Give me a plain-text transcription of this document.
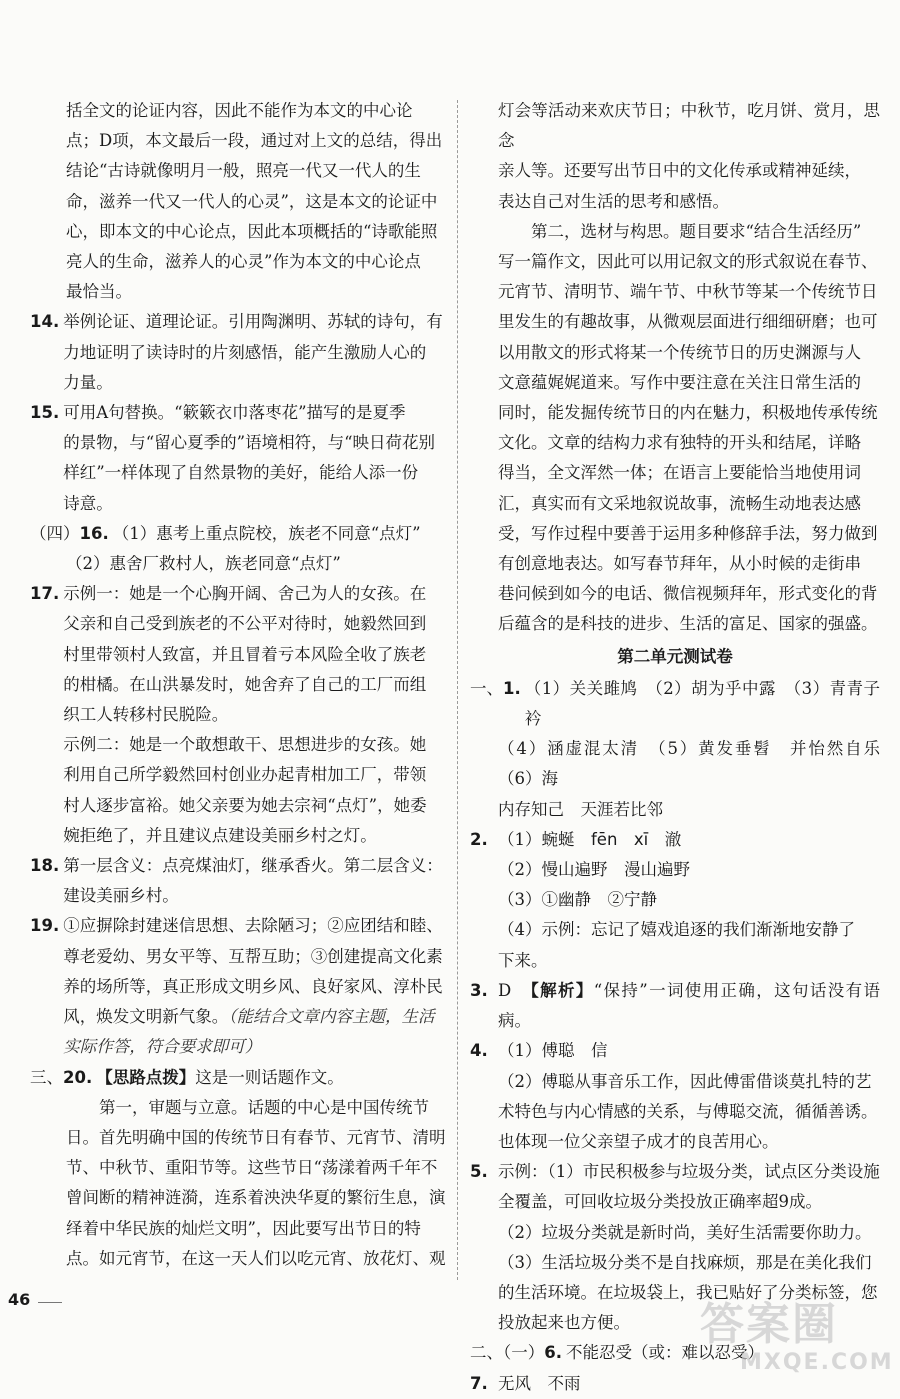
括全文的论证内容，因此不能作为本文的中心论

点；D项，本文最后一段，通过对上文的总结，得出

结论“古诗就像明月一般，照亮一代又一代人的生

命，滋养一代又一代人的心灵”，这是本文的论证中

心，即本文的中心论点，因此本项概括的“诗歌能照

亮人的生命，滋养人的心灵”作为本文的中心论点

最恰当。

14. 举例论证、道理论证。引用陶渊明、苏轼的诗句，有

力地证明了读诗时的片刻感悟，能产生激励人心的

力量。

15. 可用A句替换。“簌簌衣巾落枣花”描写的是夏季

的景物，与“留心夏季的”语境相符，与“映日荷花别

样红”一样体现了自然景物的美好，能给人添一份

诗意。

（四） 16. （1）惠考上重点院校，族老不同意“点灯”

（2）惠舍厂救村人，族老同意“点灯”

17. 示例一：她是一个心胸开阔、舍己为人的女孩。在

父亲和自己受到族老的不公平对待时，她毅然回到

村里带领村人致富，并且冒着亏本风险全收了族老

的柑橘。在山洪暴发时，她舍弃了自己的工厂而组

织工人转移村民脱险。

示例二：她是一个敢想敢干、思想进步的女孩。她

利用自己所学毅然回村创业办起青柑加工厂，带领

村人逐步富裕。她父亲要为她去宗祠“点灯”，她委

婉拒绝了，并且建议点建设美丽乡村之灯。

18. 第一层含义：点亮煤油灯，继承香火。第二层含义：

建设美丽乡村。

19. ①应摒除封建迷信思想、去除陋习；②应团结和睦、

尊老爱幼、男女平等、互帮互助；③创建提高文化素

养的场所等，真正形成文明乡风、良好家风、淳朴民

风，焕发文明新气象。（能结合文章内容主题，生活

实际作答，符合要求即可）

三、 20. 【思路点拨】这是一则话题作文。

第一，审题与立意。话题的中心是中国传统节

日。首先明确中国的传统节日有春节、元宵节、清明

节、中秋节、重阳节等。这些节日“荡漾着两千年不

曾间断的精神涟漪，连系着泱泱华夏的繁衍生息，演

绎着中华民族的灿烂文明”，因此要写出节日的特

点。如元宵节，在这一天人们以吃元宵、放花灯、观

灯会等活动来欢庆节日；中秋节，吃月饼、赏月，思念

亲人等。还要写出节日中的文化传承或精神延续，

表达自己对生活的思考和感悟。

第二，选材与构思。题目要求“结合生活经历”

写一篇作文，因此可以用记叙文的形式叙说在春节、

元宵节、清明节、端午节、中秋节等某一个传统节日

里发生的有趣故事，从微观层面进行细细研磨；也可

以用散文的形式将某一个传统节日的历史渊源与人

文意蕴娓娓道来。写作中要注意在关注日常生活的

同时，能发掘传统节日的内在魅力，积极地传承传统

文化。文章的结构力求有独特的开头和结尾，详略

得当，全文浑然一体；在语言上要能恰当地使用词

汇，真实而有文采地叙说故事，流畅生动地表达感

受，写作过程中要善于运用多种修辞手法，努力做到

有创意地表达。如写春节拜年，从小时候的走街串

巷问候到如今的电话、微信视频拜年，形式变化的背

后蕴含的是科技的进步、生活的富足、国家的强盛。

第二单元测试卷

一、 1. （1）关关雎鸠　（2）胡为乎中露　（3）青青子衿

（4）涵虚混太清　（5）黄发垂髫　并怡然自乐　（6）海

内存知己　天涯若比邻

2. （1）蜿蜒　fēn　xī　澈

（2）慢山遍野　漫山遍野

（3）①幽静　②宁静

（4）示例：忘记了嬉戏追逐的我们渐渐地安静了

下来。

3. D　【解析】“保持”一词使用正确，这句话没有语病。

4. （1）傅聪　信

（2）傅聪从事音乐工作，因此傅雷借谈莫扎特的艺

术特色与内心情感的关系，与傅聪交流，循循善诱。

也体现一位父亲望子成才的良苦用心。

5. 示例：（1）市民积极参与垃圾分类，试点区分类设施

全覆盖，可回收垃圾分类投放正确率超9成。

（2）垃圾分类就是新时尚，美好生活需要你助力。

（3）生活垃圾分类不是自找麻烦，那是在美化我们

的生活环境。在垃圾袋上，我已贴好了分类标签，您

投放起来也方便。

二、（一） 6. 不能忍受（或：难以忍受）

7. 无风　不雨

46	答案圈
MXQE.COM
